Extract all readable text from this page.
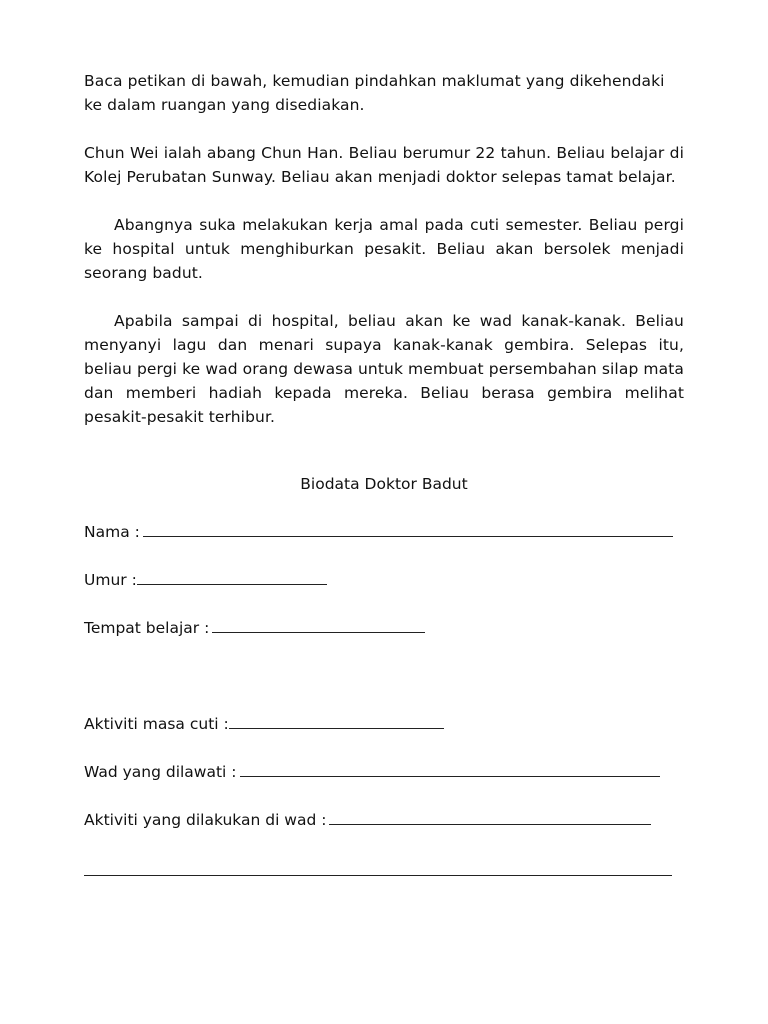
Baca petikan di bawah, kemudian pindahkan maklumat yang dikehendaki
ke dalam ruangan yang disediakan.

Chun Wei ialah abang Chun Han. Beliau berumur 22 tahun. Beliau belajar di Kolej Perubatan Sunway. Beliau akan menjadi doktor selepas tamat belajar.

Abangnya suka melakukan kerja amal pada cuti semester. Beliau pergi ke hospital untuk menghiburkan pesakit. Beliau akan bersolek menjadi seorang badut.

Apabila sampai di hospital, beliau akan ke wad kanak-kanak. Beliau menyanyi lagu dan menari supaya kanak-kanak gembira. Selepas itu, beliau pergi ke wad orang dewasa untuk membuat persembahan silap mata dan memberi hadiah kepada mereka. Beliau berasa gembira melihat pesakit-pesakit terhibur.

Biodata Doktor Badut

Nama :
Umur :
Tempat belajar :
Aktiviti masa cuti :
Wad yang dilawati :
Aktiviti yang dilakukan di wad :
